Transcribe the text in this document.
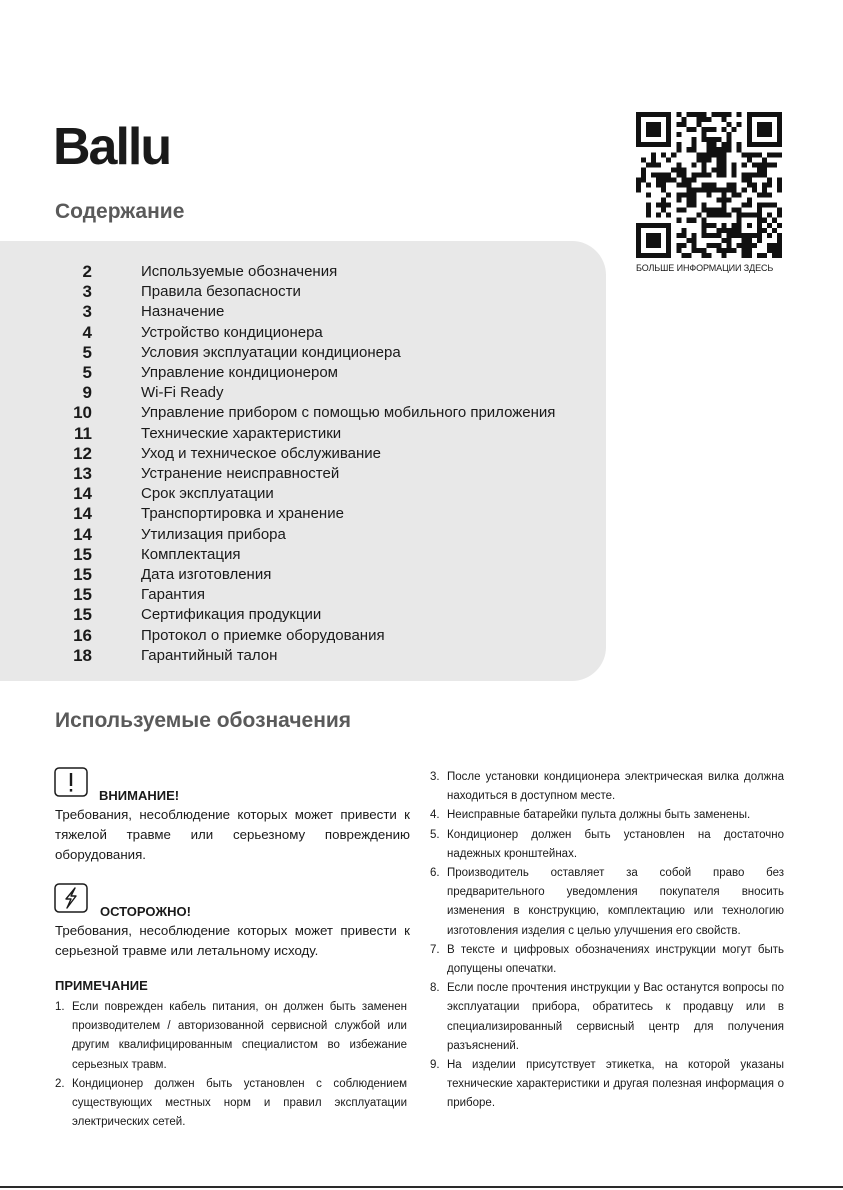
Ballu
Содержание
2	Используемые обозначения
3	Правила безопасности
3	Назначение
4	Устройство кондиционера
5	Условия эксплуатации кондиционера
5	Управление кондиционером
9	Wi-Fi Ready
10	Управление прибором с помощью мобильного приложения
11	Технические характеристики
12	Уход и техническое обслуживание
13	Устранение неисправностей
14	Срок эксплуатации
14	Транспортировка и хранение
14	Утилизация прибора
15	Комплектация
15	Дата изготовления
15	Гарантия
15	Сертификация продукции
16	Протокол о приемке оборудования
18	Гарантийный талон
БОЛЬШЕ ИНФОРМАЦИИ ЗДЕСЬ
Используемые обозначения
ВНИМАНИЕ!
Требования, несоблюдение которых может привести к тяжелой травме или серьезному повреждению оборудования.
ОСТОРОЖНО!
Требования, несоблюдение которых может привести к серьезной травме или летальному исходу.
ПРИМЕЧАНИЕ
1. Если поврежден кабель питания, он должен быть заменен производителем / авторизованной сервисной службой или другим квалифицированным специалистом во избежание серьезных травм.
2. Кондиционер должен быть установлен с соблюдением существующих местных норм и правил эксплуатации электрических сетей.
3. После установки кондиционера электрическая вилка должна находиться в доступном месте.
4. Неисправные батарейки пульта должны быть заменены.
5. Кондиционер должен быть установлен на достаточно надежных кронштейнах.
6. Производитель оставляет за собой право без предварительного уведомления покупателя вносить изменения в конструкцию, комплектацию или технологию изготовления изделия с целью улучшения его свойств.
7. В тексте и цифровых обозначениях инструкции могут быть допущены опечатки.
8. Если после прочтения инструкции у Вас останутся вопросы по эксплуатации прибора, обратитесь к продавцу или в специализированный сервисный центр для получения разъяснений.
9. На изделии присутствует этикетка, на которой указаны технические характеристики и другая полезная информация о приборе.
